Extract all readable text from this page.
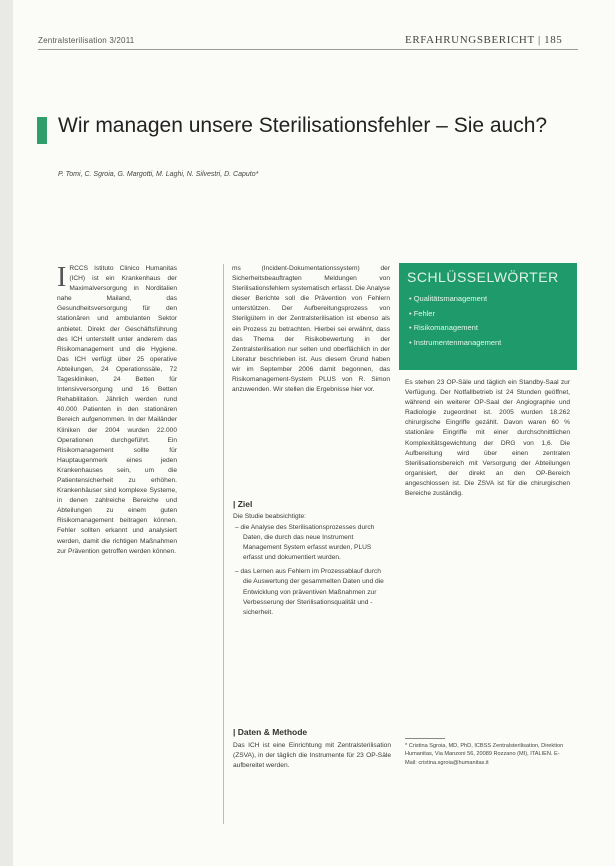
Zentralsterilisation 3/2011	ERFAHRUNGSBERICHT | 185
Wir managen unsere Sterilisationsfehler – Sie auch?
P. Tomi, C. Sgroia, G. Margotti, M. Laghi, N. Silvestri, D. Caputo*
I RCCS Istituto Clinico Humanitas (ICH) ist ein Krankenhaus der Maximalversorgung in Norditalien nahe Mailand, das Gesundheitsversorgung für den stationären und ambulanten Sektor anbietet. Direkt der Geschäftsführung des ICH unterstellt unter anderem das Risikomanagement und die Hygiene. Das ICH verfügt über 25 operative Abteilungen, 24 Operationssäle, 72 Tageskliniken, 24 Betten für Intensivversorgung und 16 Betten Rehabilitation. Jährlich werden rund 40.000 Patienten in den stationären Bereich aufgenommen. In der Mailänder Kliniken der 2004 wurden 22.000 Operationen durchgeführt. Ein Risikomanagement sollte für Hauptaugenmerk eines jeden Krankenhauses sein, um die Patientensicherheit zu erhöhen. Krankenhäuser sind komplexe Systeme, in denen zahlreiche Bereiche und Abteilungen zu einem guten Risikomanagement beitragen können. Fehler sollten erkannt und analysiert werden, damit die richtigen Maßnahmen zur Prävention getroffen werden können.
ms (Incident-Dokumentationssystem) der Sicherheitsbeauftragten Meldungen von Sterilisationsfehlern systematisch erfasst. Die Analyse dieser Berichte soll die Prävention von Fehlern unterstützen. Der Aufbereitungsprozess von Sterilgütern in der Zentralsterilisation ist ebenso als ein Prozess zu betrachten. Hierbei sei erwähnt, dass das Thema der Risikobewertung in der Zentralsterilisation nur selten und oberflächlich in der Literatur beschrieben ist. Aus diesem Grund haben wir im September 2006 damit begonnen, das Risikomanagement-System PLUS von R. Simon anzuwenden. Wir stellen die Ergebnisse hier vor.
| Ziel
Die Studie beabsichtigte:
– die Analyse des Sterilisationsprozesses durch Daten, die durch das neue Instrument Management System erfasst wurden, PLUS erfasst und dokumentiert wurden.
– das Lernen aus Fehlern im Prozessablauf durch die Auswertung der gesammelten Daten und die Entwicklung von präventiven Maßnahmen zur Verbesserung der Sterilisationsqualität und -sicherheit.
| Daten & Methode
Das ICH ist eine Einrichtung mit Zentralsterilisation (ZSVA), in der täglich die Instrumente für 23 OP-Säle aufbereitet werden.
SCHLÜSSELWÖRTER
• Qualitätsmanagement
• Fehler
• Risikomanagement
• Instrumentenmanagement
Es stehen 23 OP-Säle und täglich ein Standby-Saal zur Verfügung. Der Notfallbetrieb ist 24 Stunden geöffnet, während ein weiterer OP-Saal der Angiographie und Radiologie zugeordnet ist. 2005 wurden 18.262 chirurgische Eingriffe gezählt. Davon waren 60 % stationäre Eingriffe mit einer durchschnittlichen Komplexitätsgewichtung der DRG von 1,6. Die Aufbereitung wird über einen zentralen Sterilisationsbereich mit Versorgung der Abteilungen organisiert, der direkt an den OP-Bereich angeschlossen ist. Die ZSVA ist für die chirurgischen Bereiche zuständig.
* Cristina Sgroia, MD, PhD, ICBSS Zentralsterilisation, Direktion Humanitas, Via Manzoni 56, 20089 Rozzano (MI), ITALIEN. E-Mail: cristina.sgroia@humanitas.it
